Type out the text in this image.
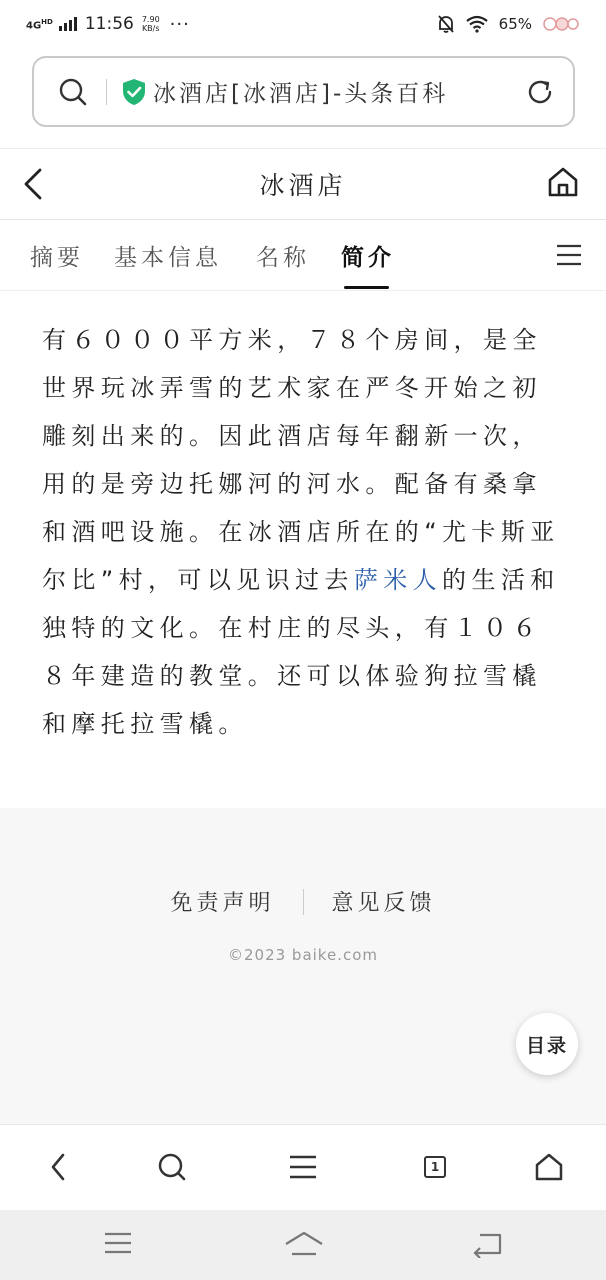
$4G^{HD}$ 11:56 7.90
KB/s ···	65%
冰酒店[冰酒店]-头条百科
冰酒店
摘要 基本信息 名称 简介
有６０００平方米，７８个房间，是全世界玩冰弄雪的艺术家在严冬开始之初雕刻出来的。因此酒店每年翻新一次，用的是旁边托娜河的河水。配备有桑拿和酒吧设施。在冰酒店所在的“尤卡斯亚尔比”村，可以见识过去萨米人的生活和独特的文化。在村庄的尽头，有１０６８年建造的教堂。还可以体验狗拉雪橇和摩托拉雪橇。
免责声明	意见反馈
©2023 baike.com
目录
1
